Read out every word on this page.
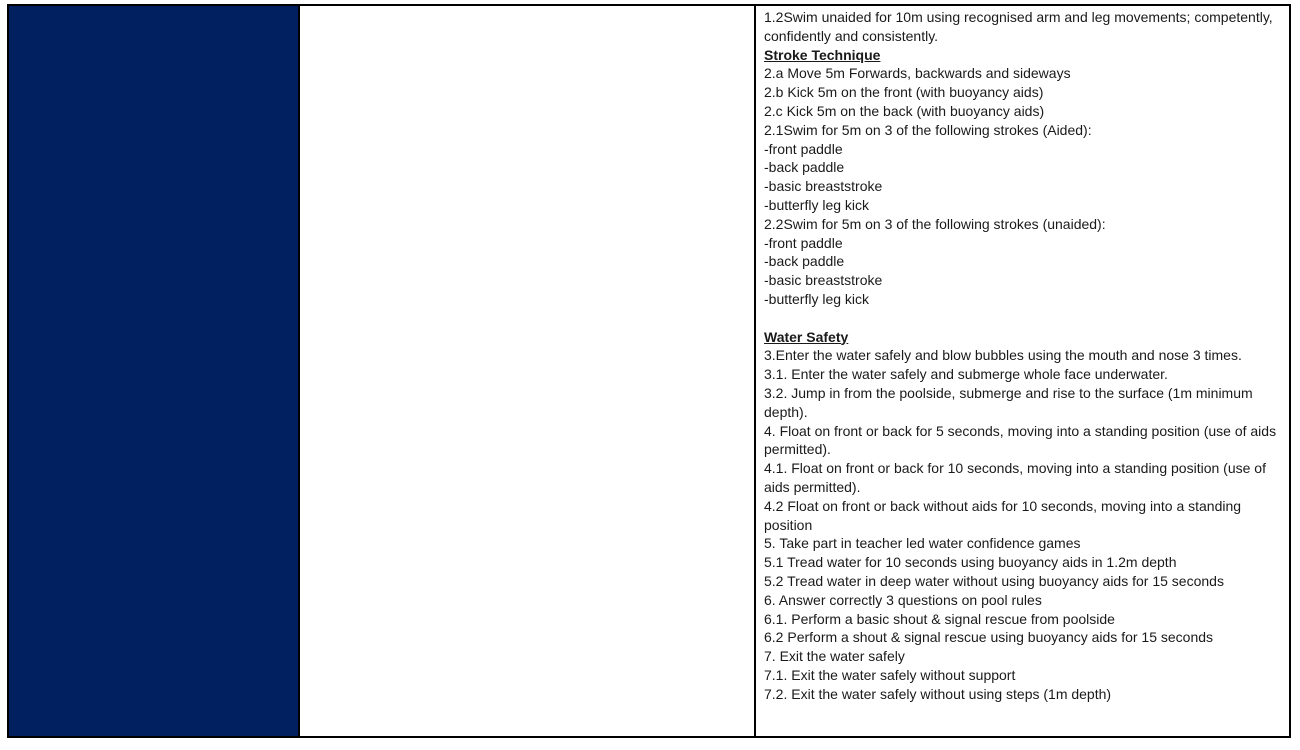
1.2Swim unaided for 10m using recognised arm and leg movements; competently, confidently and consistently.
Stroke Technique
2.a Move 5m Forwards, backwards and sideways
2.b Kick 5m on the front (with buoyancy aids)
2.c Kick 5m on the back (with buoyancy aids)
2.1Swim for 5m on 3 of the following strokes (Aided):
-front paddle
-back paddle
-basic breaststroke
-butterfly leg kick
2.2Swim for 5m on 3 of the following strokes (unaided):
-front paddle
-back paddle
-basic breaststroke
-butterfly leg kick
Water Safety
3.Enter the water safely and blow bubbles using the mouth and nose 3 times.
3.1. Enter the water safely and submerge whole face underwater.
3.2. Jump in from the poolside, submerge and rise to the surface (1m minimum depth).
4. Float on front or back for 5 seconds, moving into a standing position (use of aids permitted).
4.1. Float on front or back for 10 seconds, moving into a standing position (use of aids permitted).
4.2 Float on front or back without aids for 10 seconds, moving into a standing position
5. Take part in teacher led water confidence games
5.1 Tread water for 10 seconds using buoyancy aids in 1.2m depth
5.2 Tread water in deep water without using buoyancy aids for 15 seconds
6. Answer correctly 3 questions on pool rules
6.1. Perform a basic shout & signal rescue from poolside
6.2 Perform a shout & signal rescue using buoyancy aids for 15 seconds
7. Exit the water safely
7.1. Exit the water safely without support
7.2. Exit the water safely without using steps (1m depth)
